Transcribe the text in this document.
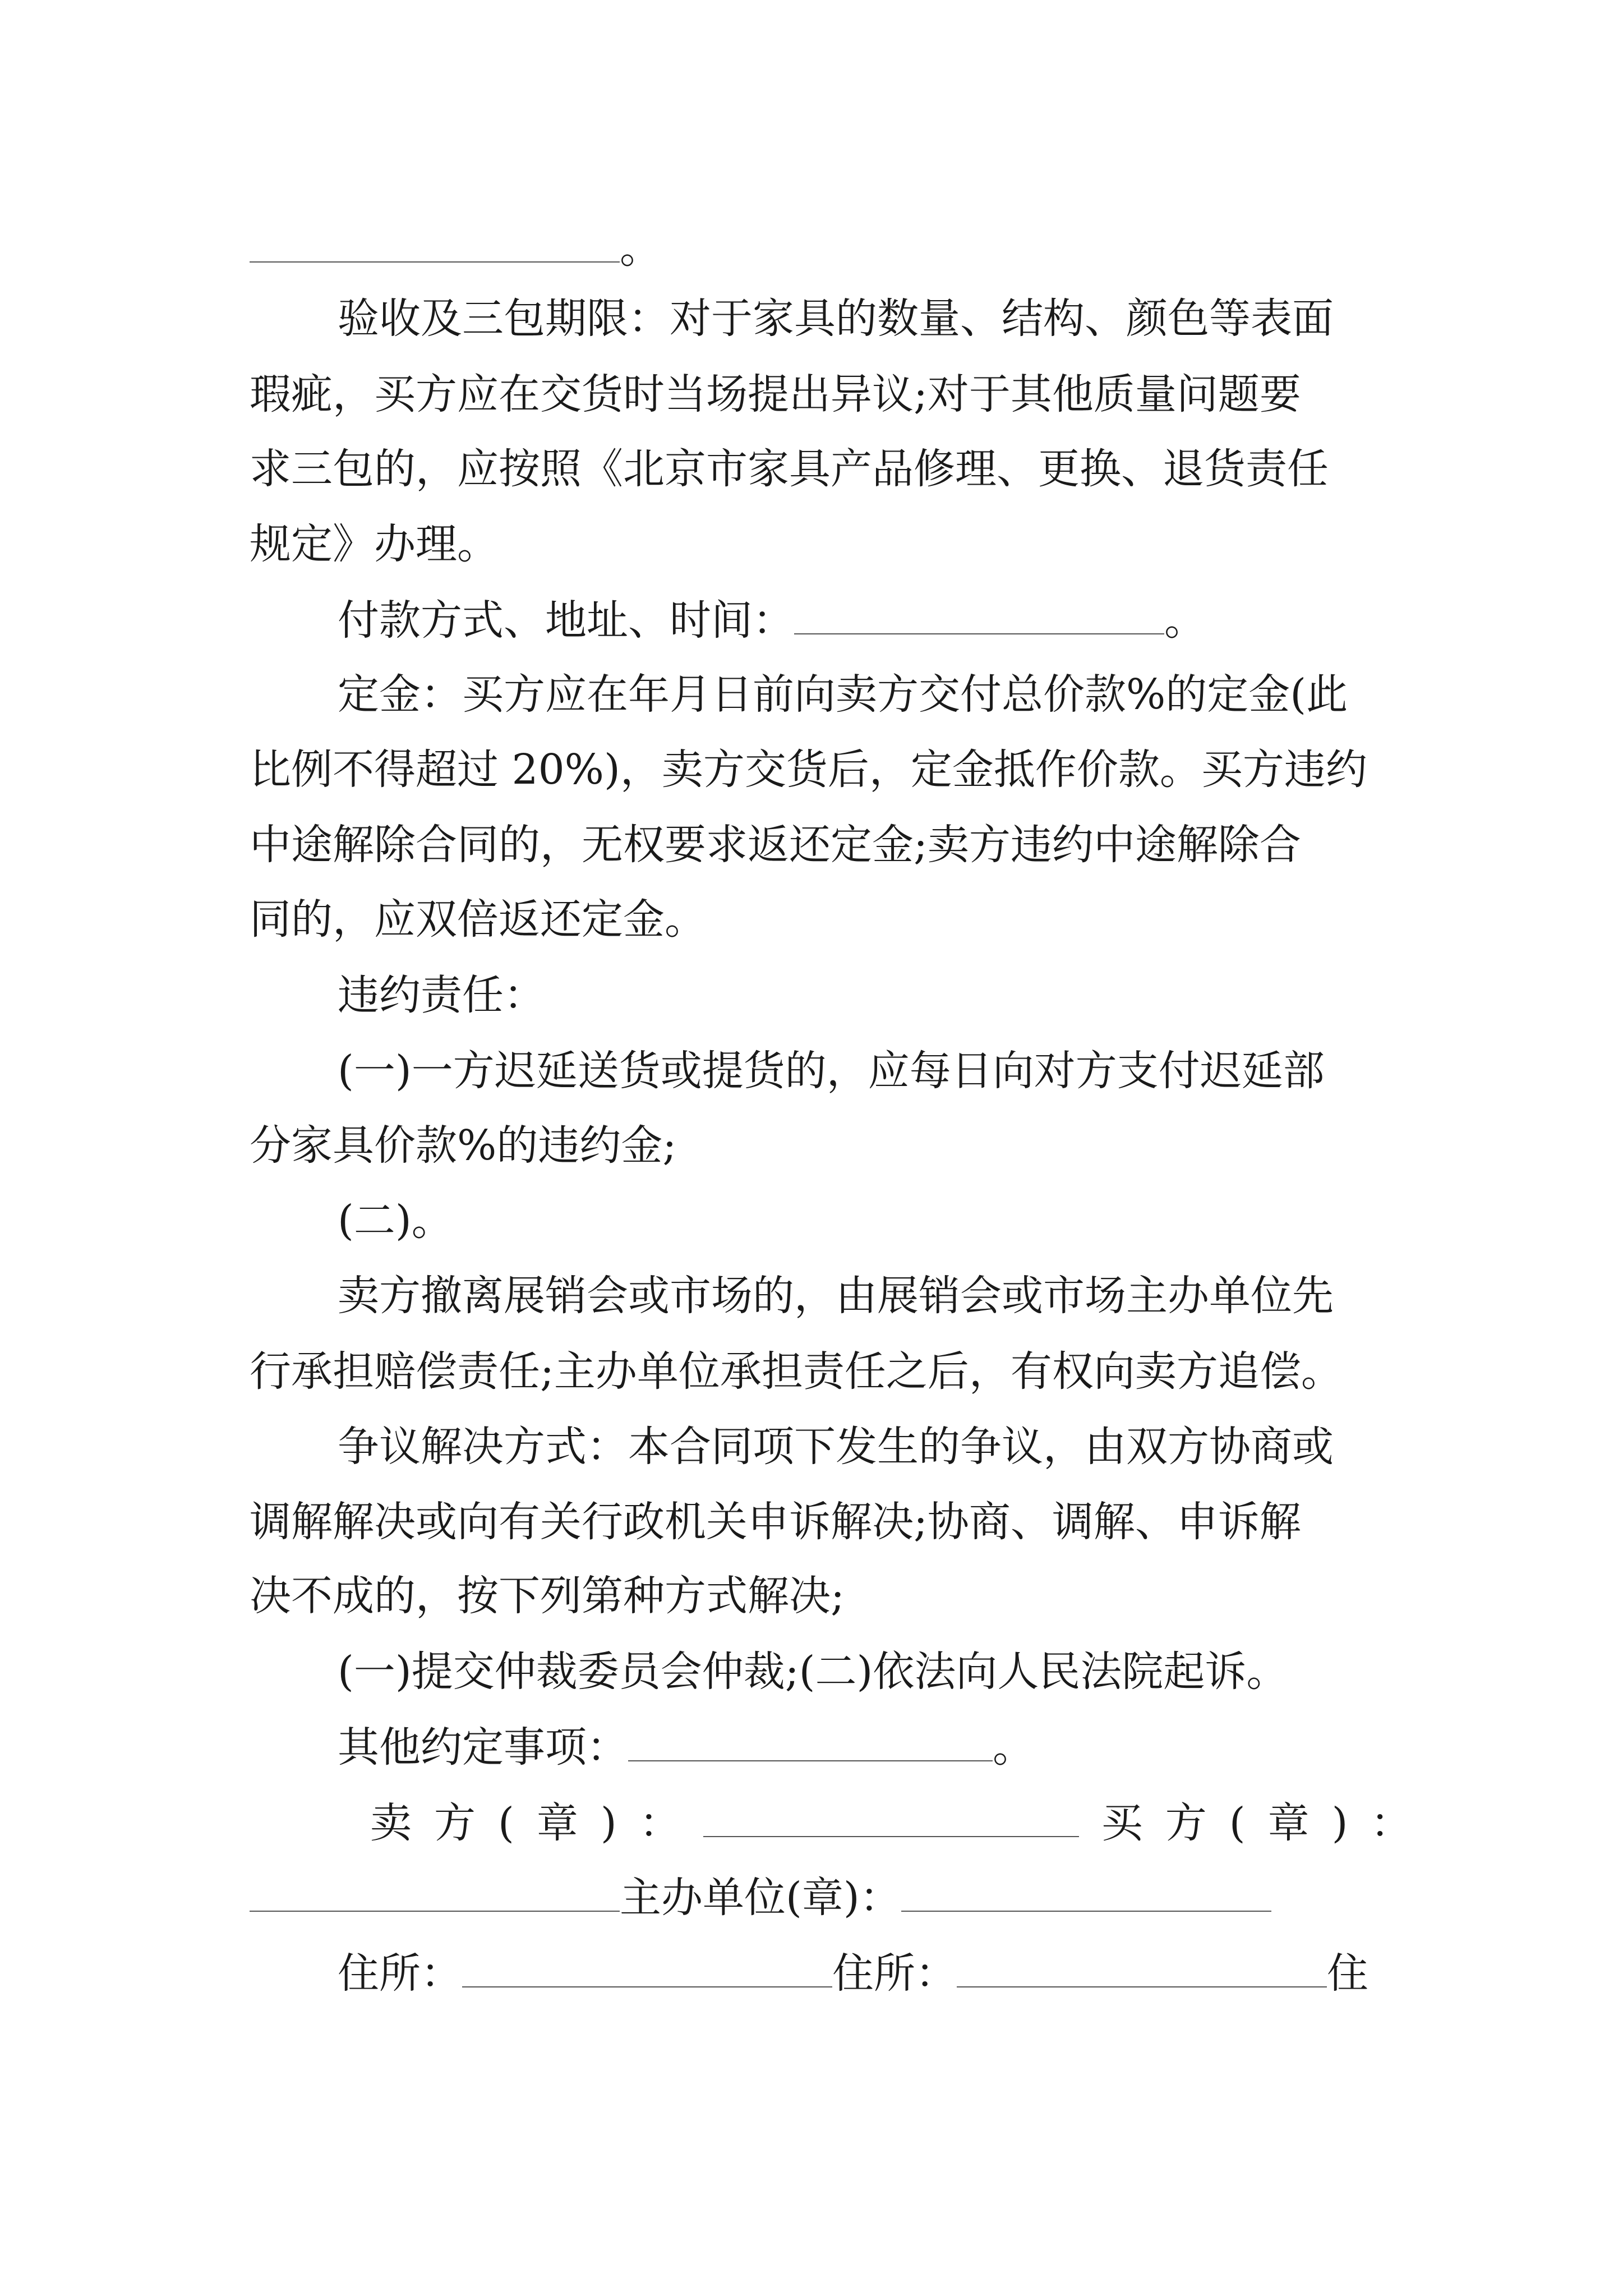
。

验收及三包期限：对于家具的数量、结构、颜色等表面

瑕疵，买方应在交货时当场提出异议;对于其他质量问题要

求三包的，应按照《北京市家具产品修理、更换、退货责任

规定》办理。

付款方式、地址、时间：	。

定金：买方应在年月日前向卖方交付总价款%的定金(此

比例不得超过 20%)，卖方交货后，定金抵作价款。买方违约

中途解除合同的，无权要求返还定金;卖方违约中途解除合

同的，应双倍返还定金。

违约责任：

(一)一方迟延送货或提货的，应每日向对方支付迟延部

分家具价款%的违约金;

(二)。

卖方撤离展销会或市场的，由展销会或市场主办单位先

行承担赔偿责任;主办单位承担责任之后，有权向卖方追偿。

争议解决方式：本合同项下发生的争议，由双方协商或

调解解决或向有关行政机关申诉解决;协商、调解、申诉解

决不成的，按下列第种方式解决;

(一)提交仲裁委员会仲裁;(二)依法向人民法院起诉。

其他约定事项：	。

卖方(章)：	买方(章)：

主办单位(章)：

住所：	住所：	住
